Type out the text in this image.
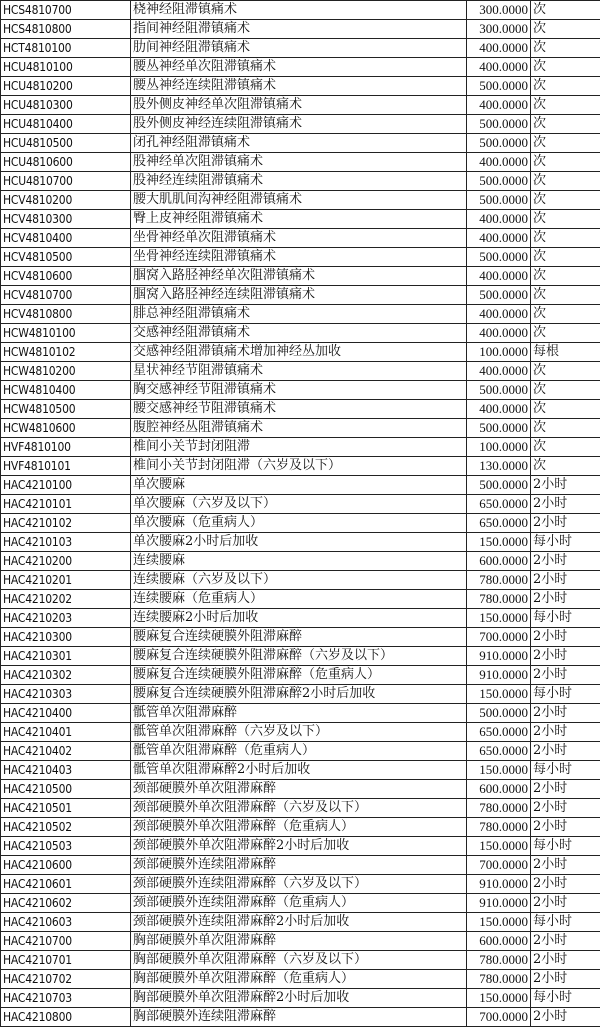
HCS4810700	桡神经阻滞镇痛术	300.0000	次
HCS4810800	指间神经阻滞镇痛术	300.0000	次
HCT4810100	肋间神经阻滞镇痛术	400.0000	次
HCU4810100	腰丛神经单次阻滞镇痛术	400.0000	次
HCU4810200	腰丛神经连续阻滞镇痛术	500.0000	次
HCU4810300	股外侧皮神经单次阻滞镇痛术	400.0000	次
HCU4810400	股外侧皮神经连续阻滞镇痛术	500.0000	次
HCU4810500	闭孔神经阻滞镇痛术	500.0000	次
HCU4810600	股神经单次阻滞镇痛术	400.0000	次
HCU4810700	股神经连续阻滞镇痛术	500.0000	次
HCV4810200	腰大肌肌间沟神经阻滞镇痛术	500.0000	次
HCV4810300	臀上皮神经阻滞镇痛术	400.0000	次
HCV4810400	坐骨神经单次阻滞镇痛术	400.0000	次
HCV4810500	坐骨神经连续阻滞镇痛术	500.0000	次
HCV4810600	腘窝入路胫神经单次阻滞镇痛术	400.0000	次
HCV4810700	腘窝入路胫神经连续阻滞镇痛术	500.0000	次
HCV4810800	腓总神经阻滞镇痛术	400.0000	次
HCW4810100	交感神经阻滞镇痛术	400.0000	次
HCW4810102	交感神经阻滞镇痛术增加神经丛加收	100.0000	每根
HCW4810200	星状神经节阻滞镇痛术	400.0000	次
HCW4810400	胸交感神经节阻滞镇痛术	500.0000	次
HCW4810500	腰交感神经节阻滞镇痛术	400.0000	次
HCW4810600	腹腔神经丛阻滞镇痛术	500.0000	次
HVF4810100	椎间小关节封闭阻滞	100.0000	次
HVF4810101	椎间小关节封闭阻滞（六岁及以下）	130.0000	次
HAC4210100	单次腰麻	500.0000	2小时
HAC4210101	单次腰麻（六岁及以下）	650.0000	2小时
HAC4210102	单次腰麻（危重病人）	650.0000	2小时
HAC4210103	单次腰麻2小时后加收	150.0000	每小时
HAC4210200	连续腰麻	600.0000	2小时
HAC4210201	连续腰麻（六岁及以下）	780.0000	2小时
HAC4210202	连续腰麻（危重病人）	780.0000	2小时
HAC4210203	连续腰麻2小时后加收	150.0000	每小时
HAC4210300	腰麻复合连续硬膜外阻滞麻醉	700.0000	2小时
HAC4210301	腰麻复合连续硬膜外阻滞麻醉（六岁及以下）	910.0000	2小时
HAC4210302	腰麻复合连续硬膜外阻滞麻醉（危重病人）	910.0000	2小时
HAC4210303	腰麻复合连续硬膜外阻滞麻醉2小时后加收	150.0000	每小时
HAC4210400	骶管单次阻滞麻醉	500.0000	2小时
HAC4210401	骶管单次阻滞麻醉（六岁及以下）	650.0000	2小时
HAC4210402	骶管单次阻滞麻醉（危重病人）	650.0000	2小时
HAC4210403	骶管单次阻滞麻醉2小时后加收	150.0000	每小时
HAC4210500	颈部硬膜外单次阻滞麻醉	600.0000	2小时
HAC4210501	颈部硬膜外单次阻滞麻醉（六岁及以下）	780.0000	2小时
HAC4210502	颈部硬膜外单次阻滞麻醉（危重病人）	780.0000	2小时
HAC4210503	颈部硬膜外单次阻滞麻醉2小时后加收	150.0000	每小时
HAC4210600	颈部硬膜外连续阻滞麻醉	700.0000	2小时
HAC4210601	颈部硬膜外连续阻滞麻醉（六岁及以下）	910.0000	2小时
HAC4210602	颈部硬膜外连续阻滞麻醉（危重病人）	910.0000	2小时
HAC4210603	颈部硬膜外连续阻滞麻醉2小时后加收	150.0000	每小时
HAC4210700	胸部硬膜外单次阻滞麻醉	600.0000	2小时
HAC4210701	胸部硬膜外单次阻滞麻醉（六岁及以下）	780.0000	2小时
HAC4210702	胸部硬膜外单次阻滞麻醉（危重病人）	780.0000	2小时
HAC4210703	胸部硬膜外单次阻滞麻醉2小时后加收	150.0000	每小时
HAC4210800	胸部硬膜外连续阻滞麻醉	700.0000	2小时
